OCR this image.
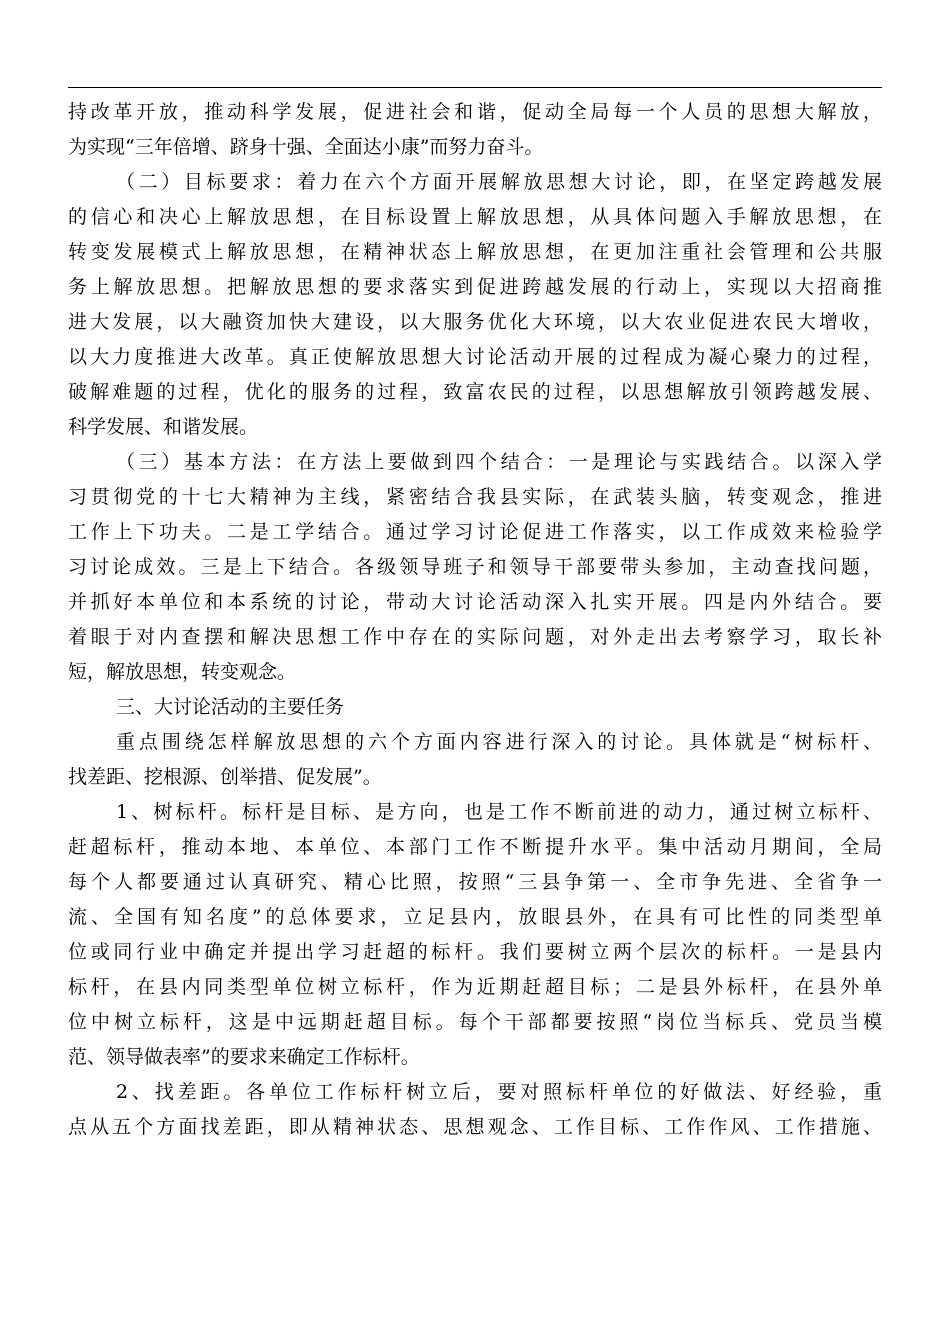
持改革开放，推动科学发展，促进社会和谐，促动全局每一个人员的思想大解放，
为实现“三年倍增、跻身十强、全面达小康”而努力奋斗。
（二）目标要求：着力在六个方面开展解放思想大讨论，即，在坚定跨越发展
的信心和决心上解放思想，在目标设置上解放思想，从具体问题入手解放思想，在
转变发展模式上解放思想，在精神状态上解放思想，在更加注重社会管理和公共服
务上解放思想。把解放思想的要求落实到促进跨越发展的行动上，实现以大招商推
进大发展，以大融资加快大建设，以大服务优化大环境，以大农业促进农民大增收，
以大力度推进大改革。真正使解放思想大讨论活动开展的过程成为凝心聚力的过程，
破解难题的过程，优化的服务的过程，致富农民的过程，以思想解放引领跨越发展、
科学发展、和谐发展。
（三）基本方法：在方法上要做到四个结合：一是理论与实践结合。以深入学
习贯彻党的十七大精神为主线，紧密结合我县实际，在武装头脑，转变观念，推进
工作上下功夫。二是工学结合。通过学习讨论促进工作落实，以工作成效来检验学
习讨论成效。三是上下结合。各级领导班子和领导干部要带头参加，主动查找问题，
并抓好本单位和本系统的讨论，带动大讨论活动深入扎实开展。四是内外结合。要
着眼于对内查摆和解决思想工作中存在的实际问题，对外走出去考察学习，取长补
短，解放思想，转变观念。
三、大讨论活动的主要任务
重点围绕怎样解放思想的六个方面内容进行深入的讨论。具体就是“树标杆、
找差距、挖根源、创举措、促发展”。
1、树标杆。标杆是目标、是方向，也是工作不断前进的动力，通过树立标杆、
赶超标杆，推动本地、本单位、本部门工作不断提升水平。集中活动月期间，全局
每个人都要通过认真研究、精心比照，按照“三县争第一、全市争先进、全省争一
流、全国有知名度”的总体要求，立足县内，放眼县外，在具有可比性的同类型单
位或同行业中确定并提出学习赶超的标杆。我们要树立两个层次的标杆。一是县内
标杆，在县内同类型单位树立标杆，作为近期赶超目标；二是县外标杆，在县外单
位中树立标杆，这是中远期赶超目标。每个干部都要按照“岗位当标兵、党员当模
范、领导做表率”的要求来确定工作标杆。
2、找差距。各单位工作标杆树立后，要对照标杆单位的好做法、好经验，重
点从五个方面找差距，即从精神状态、思想观念、工作目标、工作作风、工作措施、
